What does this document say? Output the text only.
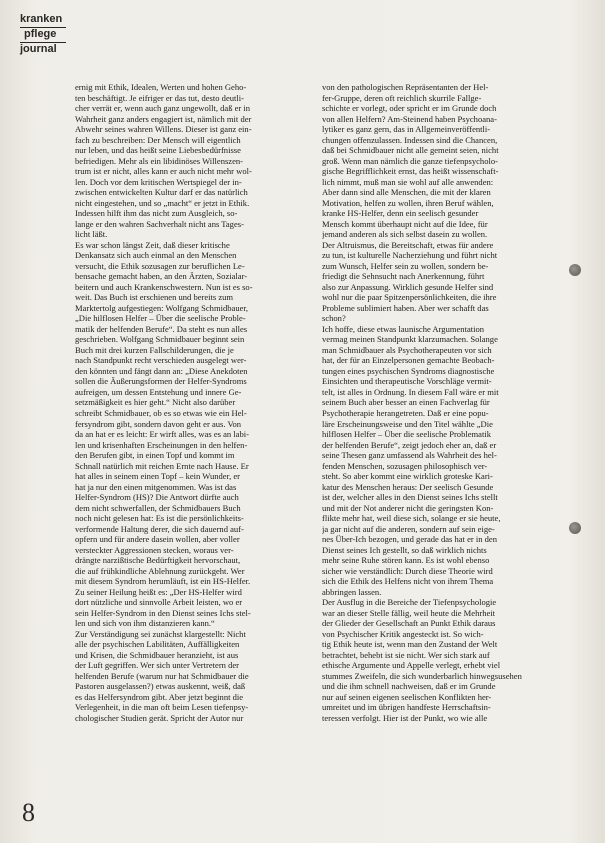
kranken
pflege
journal
ernig mit Ethik, Idealen, Werten und hohen Geho-
ten beschäftigt. Je eifriger er das tut, desto deutli-
cher verrät er, wenn auch ganz ungewollt, daß er in
Wahrheit ganz anders engagiert ist, nämlich mit der
Abwehr seines wahren Willens. Dieser ist ganz ein-
fach zu beschreiben: Der Mensch will eigentlich
nur leben, und das heißt seine Liebesbedürfnisse
befriedigen. Mehr als ein libidinöses Willenszen-
trum ist er nicht, alles kann er auch nicht mehr wol-
len. Doch vor dem kritischen Wertspiegel der in-
zwischen entwickelten Kultur darf er das natürlich
nicht eingestehen, und so „macht“ er jetzt in Ethik.
Indessen hilft ihm das nicht zum Ausgleich, so-
lange er den wahren Sachverhalt nicht ans Tages-
licht läßt.
Es war schon längst Zeit, daß dieser kritische
Denkansatz sich auch einmal an den Menschen
versucht, die Ethik sozusagen zur beruflichen Le-
bensache gemacht haben, an den Ärzten, Sozialar-
beitern und auch Krankenschwestern. Nun ist es so-
weit. Das Buch ist erschienen und bereits zum
Marktertolg aufgestiegen: Wolfgang Schmidbauer,
„Die hilflosen Helfer – Über die seelische Proble-
matik der helfenden Berufe“. Da steht es nun alles
geschrieben. Wolfgang Schmidbauer beginnt sein
Buch mit drei kurzen Fallschilderungen, die je
nach Standpunkt recht verschieden ausgelegt wer-
den könnten und fängt dann an: „Diese Anekdoten
sollen die Äußerungsformen der Helfer-Syndroms
aufreigen, um dessen Entstehung und innere Ge-
setzmäßigkeit es hier geht.“ Nicht also darüber
schreibt Schmidbauer, ob es so etwas wie ein Hel-
fersyndrom gibt, sondern davon geht er aus. Von
da an hat er es leicht: Er wirft alles, was es an labi-
len und krisenhaften Erscheinungen in den helfen-
den Berufen gibt, in einen Topf und kommt im
Schnall natürlich mit reichen Ernte nach Hause. Er
hat alles in seinem einen Topf – kein Wunder, er
hat ja nur den einen mitgenommen. Was ist das
Helfer-Syndrom (HS)? Die Antwort dürfte auch
dem nicht schwerfallen, der Schmidbauers Buch
noch nicht gelesen hat: Es ist die persönlichkeits-
verformende Haltung derer, die sich dauernd auf-
opfern und für andere dasein wollen, aber voller
versteckter Aggressionen stecken, woraus ver-
drängte narzißtische Bedürftigkeit hervorschaut,
die auf frühkindliche Ablehnung zurückgeht. Wer
mit diesem Syndrom herumläuft, ist ein HS-Helfer.
Zu seiner Heilung heißt es: „Der HS-Helfer wird
dort nützliche und sinnvolle Arbeit leisten, wo er
sein Helfer-Syndrom in den Dienst seines Ichs stel-
len und sich von ihm distanzieren kann.“
Zur Verständigung sei zunächst klargestellt: Nicht
alle der psychischen Labilitäten, Auffälligkeiten
und Krisen, die Schmidbauer heranzieht, ist aus
der Luft gegriffen. Wer sich unter Vertretern der
helfenden Berufe (warum nur hat Schmidbauer die
Pastoren ausgelassen?) etwas auskennt, weiß, daß
es das Helfersyndrom gibt. Aber jetzt beginnt die
Verlegenheit, in die man oft beim Lesen tiefenpsy-
chologischer Studien gerät. Spricht der Autor nur
von den pathologischen Repräsentanten der Hel-
fer-Gruppe, deren oft reichlich skurrile Fallge-
schichte er vorlegt, oder spricht er im Grunde doch
von allen Helfern? Am-Steinend haben Psychoana-
lytiker es ganz gern, das in Allgemeinveröffentli-
chungen offenzulassen. Indessen sind die Chancen,
daß bei Schmidbauer nicht alle gemeint seien, nicht
groß. Wenn man nämlich die ganze tiefenpsycholo-
gische Begrifflichkeit ernst, das heißt wissenschaft-
lich nimmt, muß man sie wohl auf alle anwenden:
Aber dann sind alle Menschen, die mit der klaren
Motivation, helfen zu wollen, ihren Beruf wählen,
kranke HS-Helfer, denn ein seelisch gesunder
Mensch kommt überhaupt nicht auf die Idee, für
jemand anderen als sich selbst dasein zu wollen.
Der Altruismus, die Bereitschaft, etwas für andere
zu tun, ist kulturelle Nacherziehung und führt nicht
zum Wunsch, Helfer sein zu wollen, sondern be-
friedigt die Sehnsucht nach Anerkennung, führt
also zur Anpassung. Wirklich gesunde Helfer sind
wohl nur die paar Spitzenpersönlichkeiten, die ihre
Probleme sublimiert haben. Aber wer schafft das
schon?
Ich hoffe, diese etwas launische Argumentation
vermag meinen Standpunkt klarzumachen. Solange
man Schmidbauer als Psychotherapeuten vor sich
hat, der für an Einzelpersonen gemachte Beobach-
tungen eines psychischen Syndroms diagnostische
Einsichten und therapeutische Vorschläge vermit-
telt, ist alles in Ordnung. In diesem Fall wäre er mit
seinem Buch aber besser an einen Fachverlag für
Psychotherapie herangetreten. Daß er eine popu-
läre Erscheinungsweise und den Titel wählte „Die
hilflosen Helfer – Über die seelische Problematik
der helfenden Berufe“, zeigt jedoch eher an, daß er
seine Thesen ganz umfassend als Wahrheit des hel-
fenden Menschen, sozusagen philosophisch ver-
steht. So aber kommt eine wirklich groteske Kari-
katur des Menschen heraus: Der seelisch Gesunde
ist der, welcher alles in den Dienst seines Ichs stellt
und mit der Not anderer nicht die geringsten Kon-
flikte mehr hat, weil diese sich, solange er sie heute,
ja gar nicht auf die anderen, sondern auf sein eige-
nes Über-Ich bezogen, und gerade das hat er in den
Dienst seines Ich gestellt, so daß wirklich nichts
mehr seine Ruhe stören kann. Es ist wohl ebenso
sicher wie verständlich: Durch diese Theorie wird
sich die Ethik des Helfens nicht von ihrem Thema
abbringen lassen.
Der Ausflug in die Bereiche der Tiefenpsychologie
war an dieser Stelle fällig, weil heute die Mehrheit
der Glieder der Gesellschaft an Punkt Ethik daraus
von Psychischer Kritik angesteckt ist. So wich-
tig Ethik heute ist, wenn man den Zustand der Welt
betrachtet, behebt ist sie nicht. Wer sich stark auf
ethische Argumente und Appelle verlegt, erhebt viel
stummes Zweifeln, die sich wunderbarlich hinwegsusehen
und die ihm schnell nachweisen, daß er im Grunde
nur auf seinen eigenen seelischen Konflikten her-
umreitet und im übrigen handfeste Herrschaftsin-
teressen verfolgt. Hier ist der Punkt, wo wie alle
8
